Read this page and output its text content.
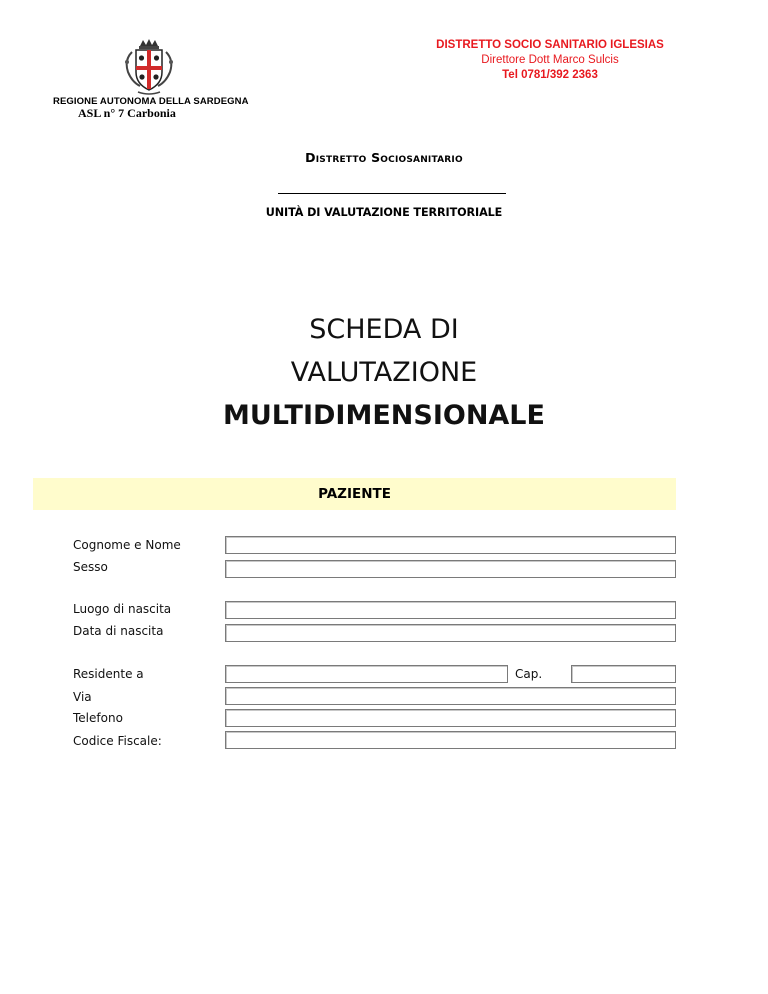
REGIONE AUTONOMA DELLA SARDEGNA
ASL n° 7 Carbonia
DISTRETTO SOCIO SANITARIO IGLESIAS
Direttore Dott Marco Sulcis
Tel 0781/392 2363
Distretto Sociosanitario
UNITÀ DI VALUTAZIONE TERRITORIALE
SCHEDA DI
VALUTAZIONE
MULTIDIMENSIONALE
PAZIENTE
Cognome e Nome
Sesso
Luogo di nascita
Data di nascita
Residente a	Cap.
Via
Telefono
Codice Fiscale:
